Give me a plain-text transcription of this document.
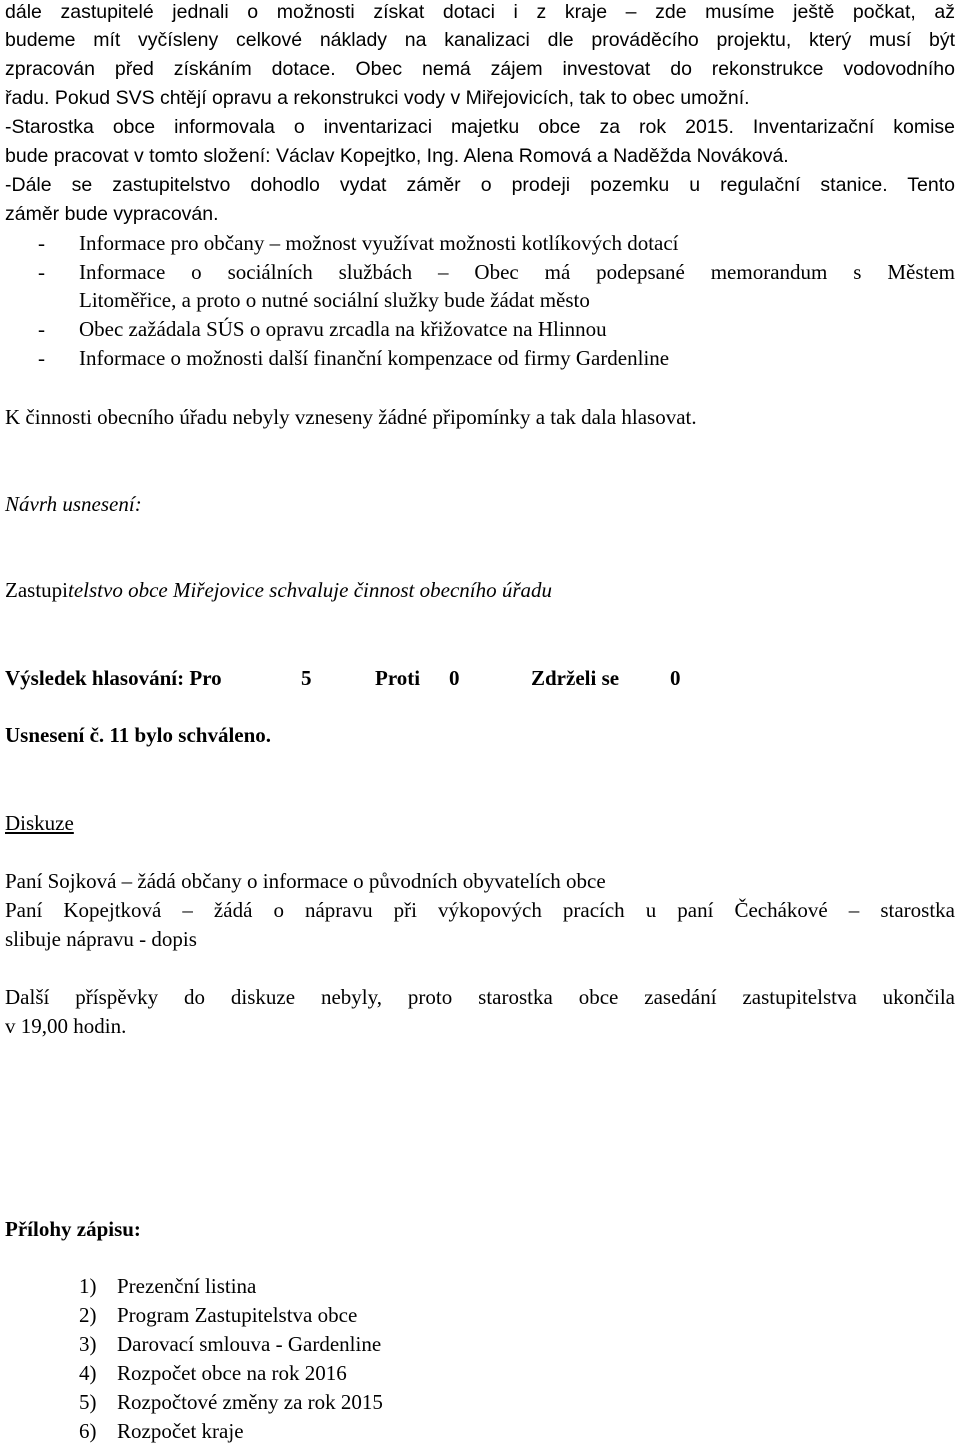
dále zastupitelé jednali o možnosti získat dotaci i z kraje – zde musíme ještě počkat, až
budeme mít vyčísleny celkové náklady na kanalizaci dle prováděcího projektu, který musí být
zpracován před získáním dotace. Obec nemá zájem investovat do rekonstrukce vodovodního
řadu. Pokud SVS chtějí opravu a rekonstrukci vody v Miřejovicích, tak to obec umožní.
-Starostka obce informovala o inventarizaci majetku obce za rok 2015. Inventarizační komise
bude pracovat v tomto složení: Václav Kopejtko, Ing. Alena Romová a Naděžda Nováková.
-Dále se zastupitelstvo dohodlo vydat záměr o prodeji pozemku u regulační stanice. Tento
záměr bude vypracován.
- Informace pro občany – možnost využívat možnosti kotlíkových dotací
- Informace o sociálních službách – Obec má podepsané memorandum s Městem
Litoměřice, a proto o nutné sociální služky bude žádat město
- Obec zažádala SÚS o opravu zrcadla na křižovatce na Hlinnou
- Informace o možnosti další finanční kompenzace od firmy Gardenline
K činnosti obecního úřadu nebyly vzneseny žádné připomínky a tak dala hlasovat.
Návrh usnesení:
Zastupitelstvo obce Miřejovice schvaluje činnost obecního úřadu
Výsledek hlasování: Pro	5	Proti 0	Zdrželi se 0
Usnesení č. 11 bylo schváleno.
Diskuze
Paní Sojková – žádá občany o informace o původních obyvatelích obce
Paní Kopejtková – žádá o nápravu při výkopových pracích u paní Čechákové – starostka
slibuje nápravu - dopis
Další příspěvky do diskuze nebyly, proto starostka obce zasedání zastupitelstva ukončila
v 19,00 hodin.
Přílohy zápisu:
1) Prezenční listina
2) Program Zastupitelstva obce
3) Darovací smlouva - Gardenline
4) Rozpočet obce na rok 2016
5) Rozpočtové změny za rok 2015
6) Rozpočet kraje
